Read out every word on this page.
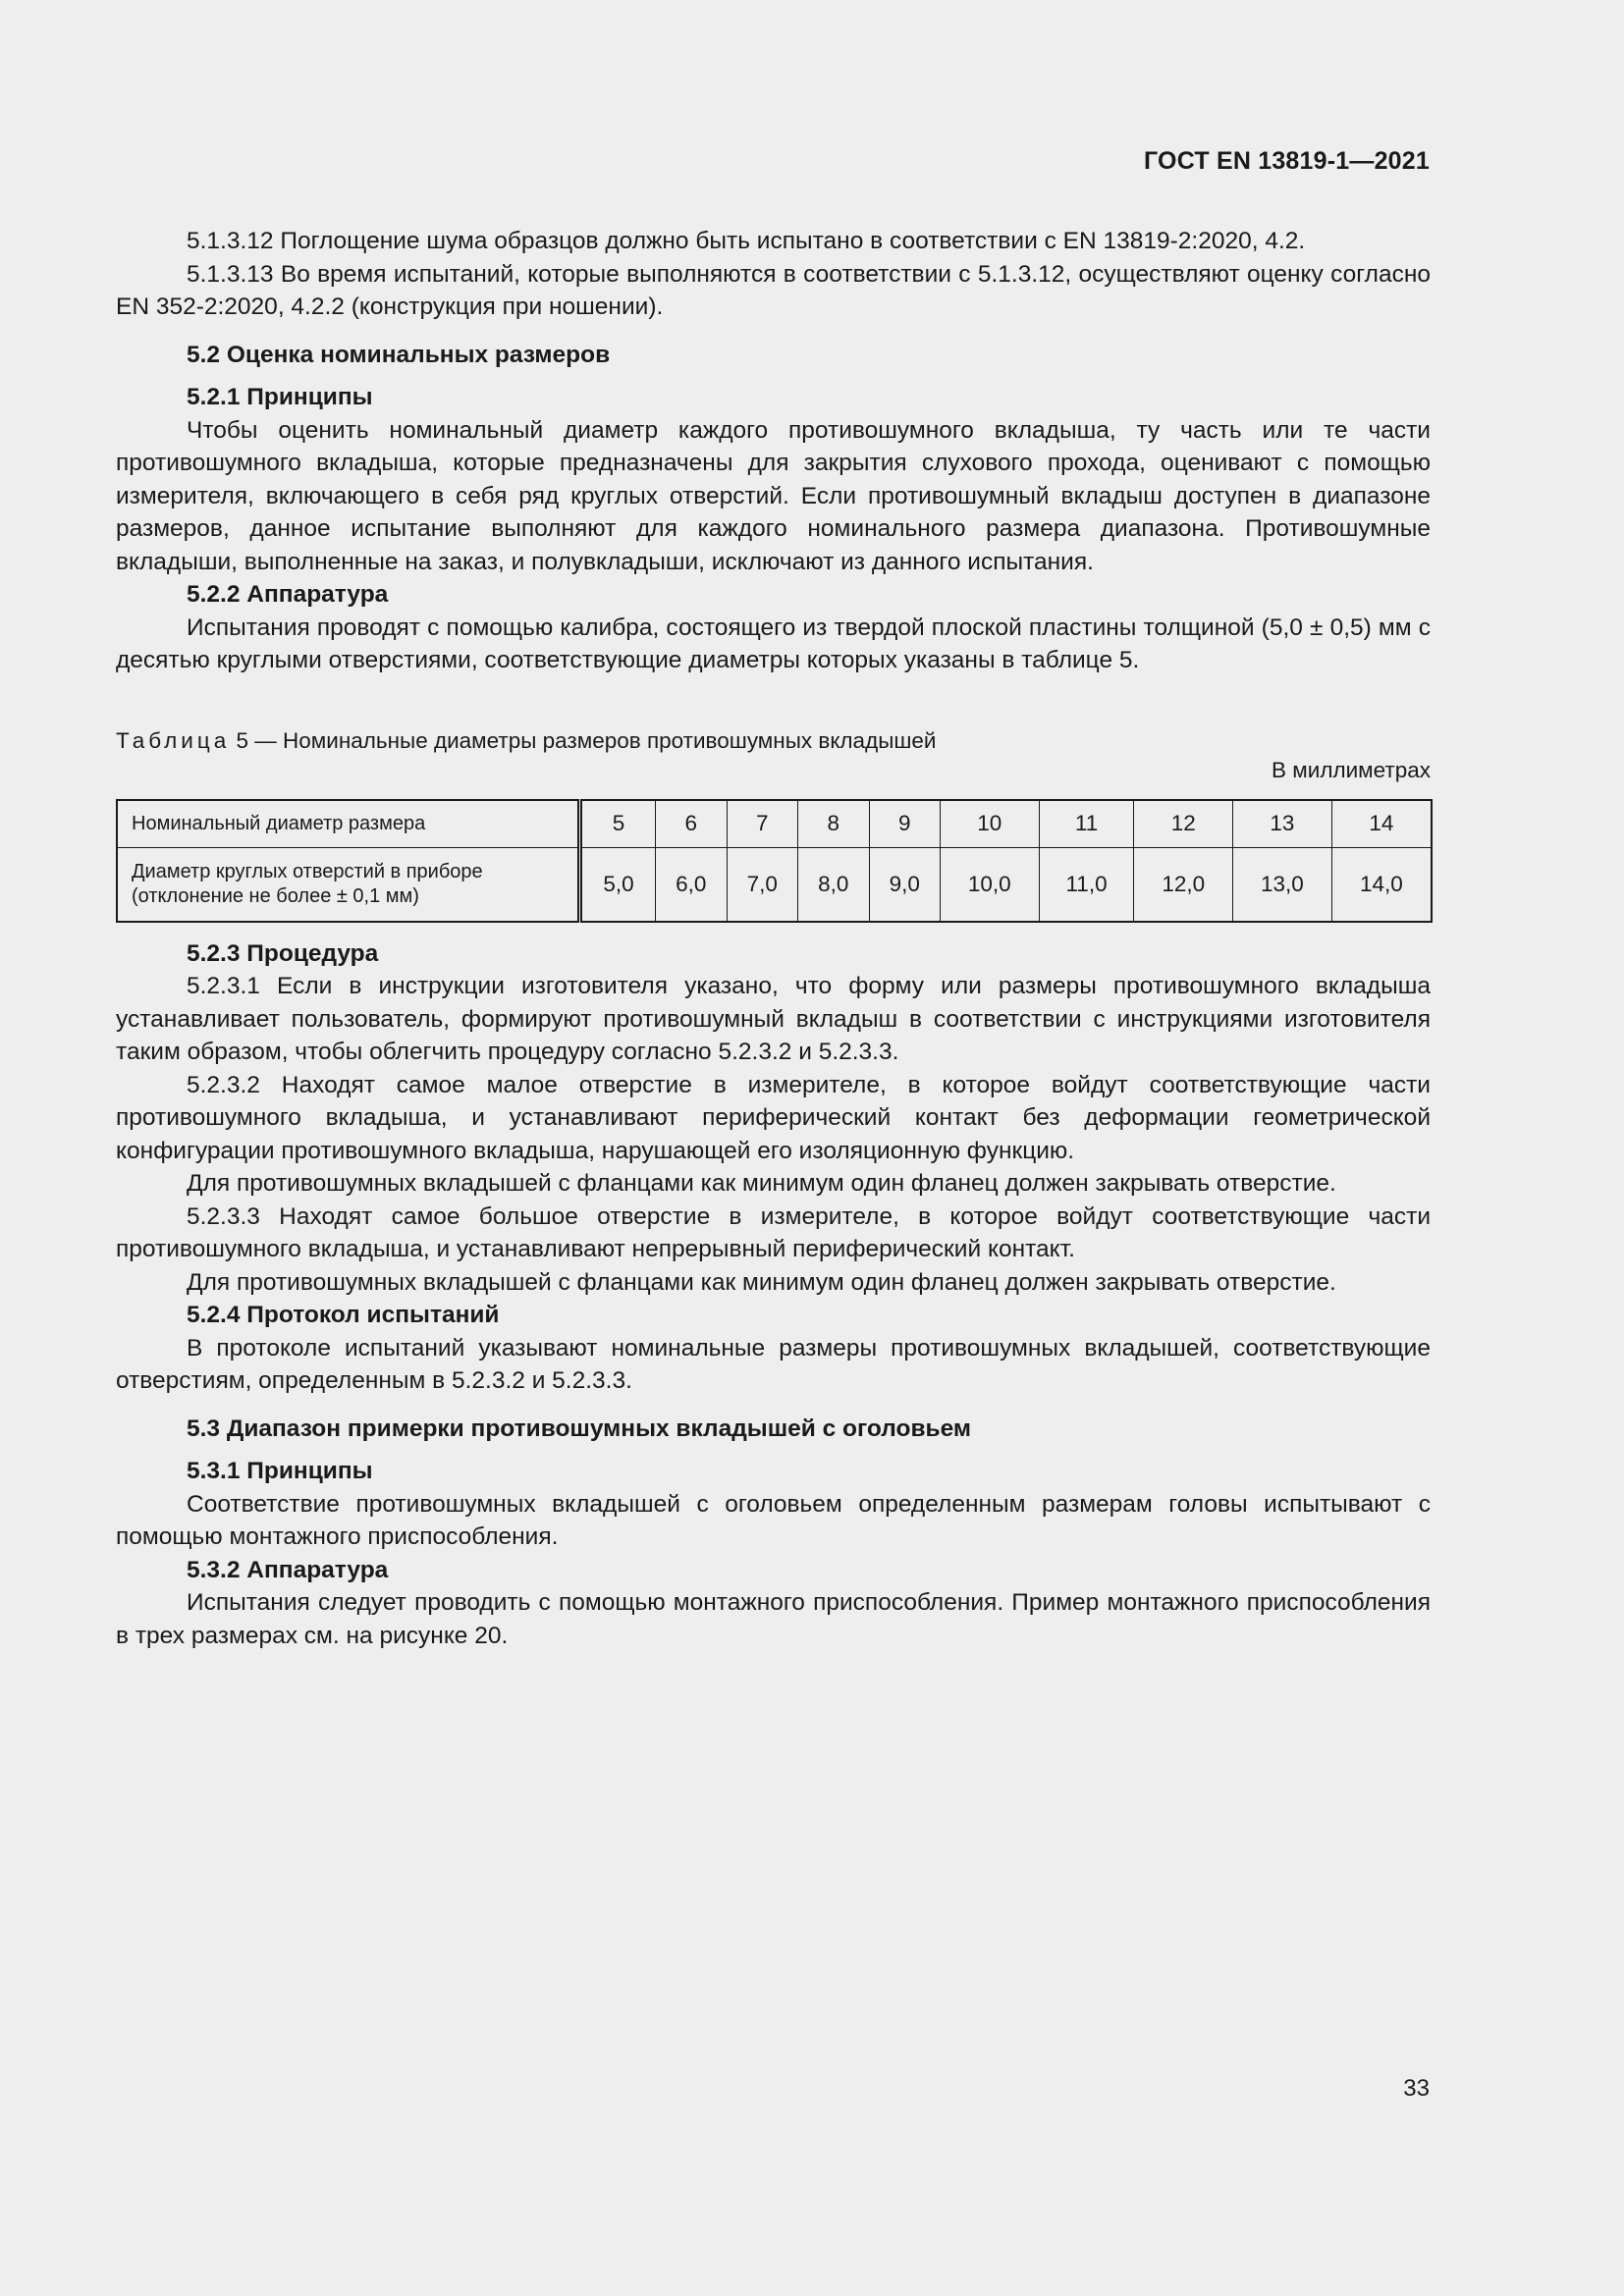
ГОСТ EN 13819-1—2021

5.1.3.12 Поглощение шума образцов должно быть испытано в соответствии с EN 13819-2:2020, 4.2.

5.1.3.13 Во время испытаний, которые выполняются в соответствии с 5.1.3.12, осуществляют оценку согласно EN 352-2:2020, 4.2.2 (конструкция при ношении).

5.2 Оценка номинальных размеров
5.2.1 Принципы

Чтобы оценить номинальный диаметр каждого противошумного вкладыша, ту часть или те части противошумного вкладыша, которые предназначены для закрытия слухового прохода, оценивают с помощью измерителя, включающего в себя ряд круглых отверстий. Если противошумный вкладыш доступен в диапазоне размеров, данное испытание выполняют для каждого номинального размера диапазона. Противошумные вкладыши, выполненные на заказ, и полувкладыши, исключают из данного испытания.

5.2.2 Аппаратура

Испытания проводят с помощью калибра, состоящего из твердой плоской пластины толщиной (5,0 ± 0,5) мм с десятью круглыми отверстиями, соответствующие диаметры которых указаны в таблице 5.

Таблица 5 — Номинальные диаметры размеров противошумных вкладышей
В миллиметрах
Номинальный диаметр размера	5	6	7	8	9	10	11	12	13	14
Диаметр круглых отверстий в приборе
(отклонение не более ± 0,1 мм)	5,0	6,0	7,0	8,0	9,0	10,0	11,0	12,0	13,0	14,0
5.2.3 Процедура

5.2.3.1 Если в инструкции изготовителя указано, что форму или размеры противошумного вкладыша устанавливает пользователь, формируют противошумный вкладыш в соответствии с инструкциями изготовителя таким образом, чтобы облегчить процедуру согласно 5.2.3.2 и 5.2.3.3.

5.2.3.2 Находят самое малое отверстие в измерителе, в которое войдут соответствующие части противошумного вкладыша, и устанавливают периферический контакт без деформации геометрической конфигурации противошумного вкладыша, нарушающей его изоляционную функцию.

Для противошумных вкладышей с фланцами как минимум один фланец должен закрывать отверстие.

5.2.3.3 Находят самое большое отверстие в измерителе, в которое войдут соответствующие части противошумного вкладыша, и устанавливают непрерывный периферический контакт.

Для противошумных вкладышей с фланцами как минимум один фланец должен закрывать отверстие.

5.2.4 Протокол испытаний

В протоколе испытаний указывают номинальные размеры противошумных вкладышей, соответствующие отверстиям, определенным в 5.2.3.2 и 5.2.3.3.

5.3 Диапазон примерки противошумных вкладышей с оголовьем
5.3.1 Принципы

Соответствие противошумных вкладышей с оголовьем определенным размерам головы испытывают с помощью монтажного приспособления.

5.3.2 Аппаратура

Испытания следует проводить с помощью монтажного приспособления. Пример монтажного приспособления в трех размерах см. на рисунке 20.

33
